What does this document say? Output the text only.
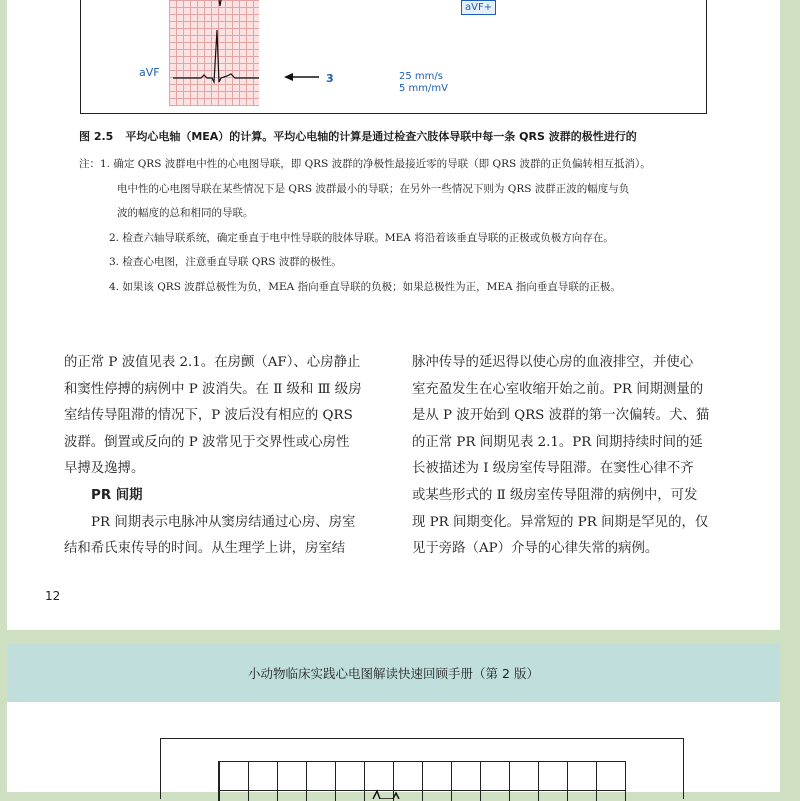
aVF+
aVF	3	25 mm/s
5 mm/mV
图 2.5 平均心电轴（MEA）的计算。平均心电轴的计算是通过检查六肢体导联中每一条 QRS 波群的极性进行的
注：1. 确定 QRS 波群电中性的心电图导联，即 QRS 波群的净极性最接近零的导联（即 QRS 波群的正负偏转相互抵消）。
电中性的心电图导联在某些情况下是 QRS 波群最小的导联；在另外一些情况下则为 QRS 波群正波的幅度与负
波的幅度的总和相同的导联。
2. 检查六轴导联系统，确定垂直于电中性导联的肢体导联。MEA 将沿着该垂直导联的正极或负极方向存在。
3. 检查心电图，注意垂直导联 QRS 波群的极性。
4. 如果该 QRS 波群总极性为负，MEA 指向垂直导联的负极；如果总极性为正，MEA 指向垂直导联的正极。

的正常 P 波值见表 2.1。在房颤（AF）、心房静止

和窦性停搏的病例中 P 波消失。在 Ⅱ 级和 Ⅲ 级房

室结传导阻滞的情况下，P 波后没有相应的 QRS

波群。倒置或反向的 P 波常见于交界性或心房性

早搏及逸搏。

PR 间期

PR 间期表示电脉冲从窦房结通过心房、房室

结和希氏束传导的时间。从生理学上讲，房室结

脉冲传导的延迟得以使心房的血液排空，并使心

室充盈发生在心室收缩开始之前。PR 间期测量的

是从 P 波开始到 QRS 波群的第一次偏转。犬、猫

的正常 PR 间期见表 2.1。PR 间期持续时间的延

长被描述为 Ⅰ 级房室传导阻滞。在窦性心律不齐

或某些形式的 Ⅱ 级房室传导阻滞的病例中，可发

现 PR 间期变化。异常短的 PR 间期是罕见的，仅

见于旁路（AP）介导的心律失常的病例。

12
小动物临床实践心电图解读快速回顾手册（第 2 版）
